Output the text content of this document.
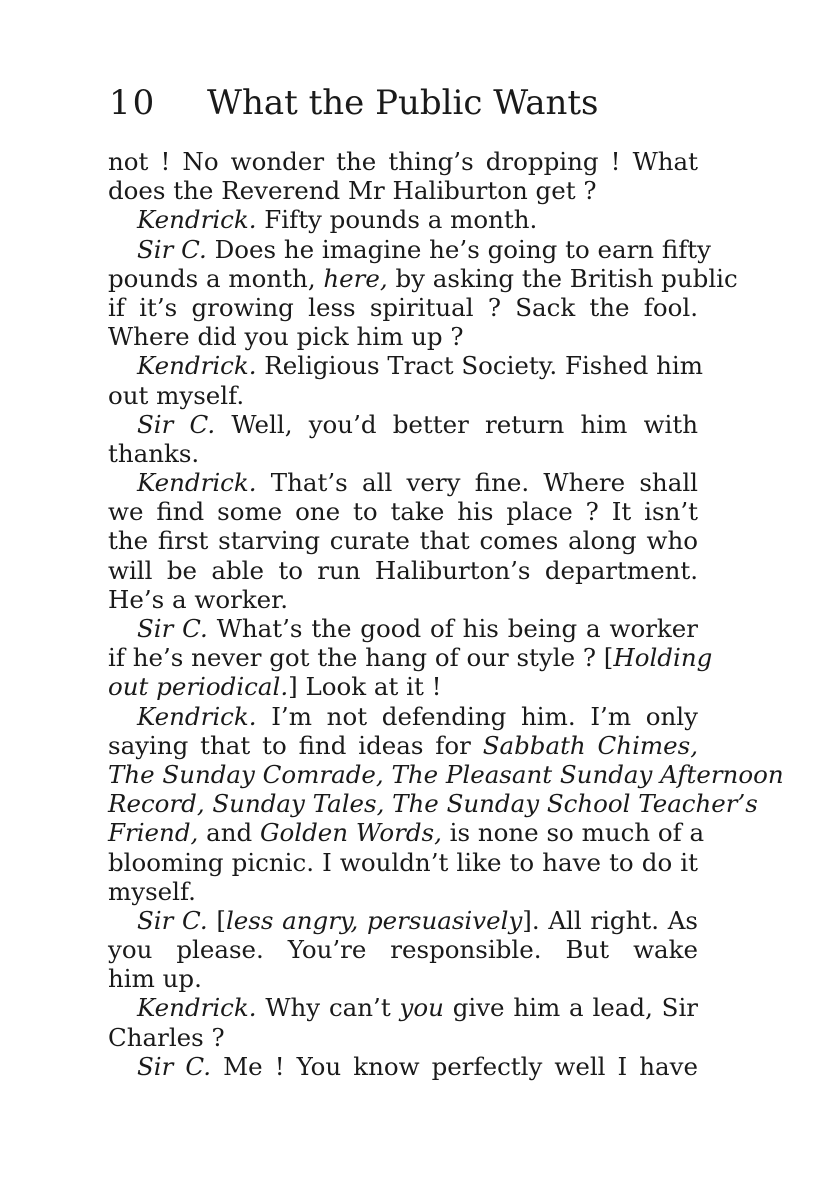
10 What the Public Wants
not ! No wonder the thing’s dropping ! What
does the Reverend Mr Haliburton get ?
Kendrick. Fifty pounds a month.
Sir C. Does he imagine he’s going to earn fifty
pounds a month, here, by asking the British public
if it’s growing less spiritual ? Sack the fool.
Where did you pick him up ?
Kendrick. Religious Tract Society. Fished him
out myself.
Sir C. Well, you’d better return him with
thanks.
Kendrick. That’s all very fine. Where shall
we find some one to take his place ? It isn’t
the first starving curate that comes along who
will be able to run Haliburton’s department.
He’s a worker.
Sir C. What’s the good of his being a worker
if he’s never got the hang of our style ? [Holding
out periodical.] Look at it !
Kendrick. I’m not defending him. I’m only
saying that to find ideas for Sabbath Chimes,
The Sunday Comrade, The Pleasant Sunday Afternoon
Record, Sunday Tales, The Sunday School Teacher’s
Friend, and Golden Words, is none so much of a
blooming picnic. I wouldn’t like to have to do it
myself.
Sir C. [less angry, persuasively]. All right. As
you please. You’re responsible. But wake
him up.
Kendrick. Why can’t you give him a lead, Sir
Charles ?
Sir C. Me ! You know perfectly well I have
